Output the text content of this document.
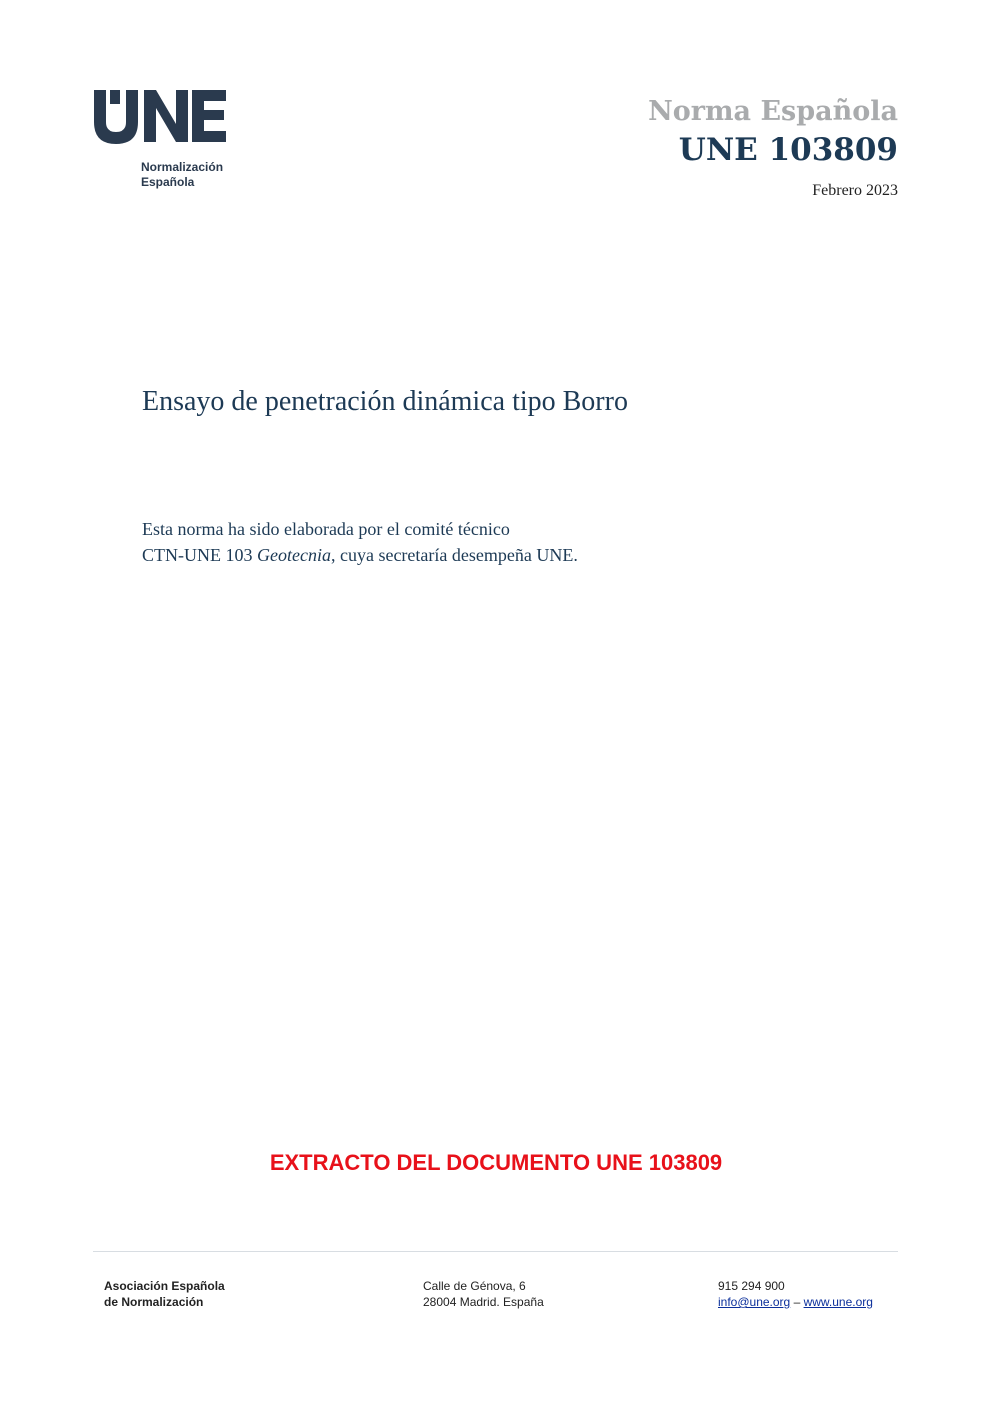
Normalización
Española
Norma Española
UNE 103809
Febrero 2023
Ensayo de penetración dinámica tipo Borro
Esta norma ha sido elaborada por el comité técnico
CTN-UNE 103 Geotecnia, cuya secretaría desempeña UNE.
EXTRACTO DEL DOCUMENTO UNE 103809
Asociación Española
de Normalización
Calle de Génova, 6
28004 Madrid. España
915 294 900
info@une.org – www.une.org
